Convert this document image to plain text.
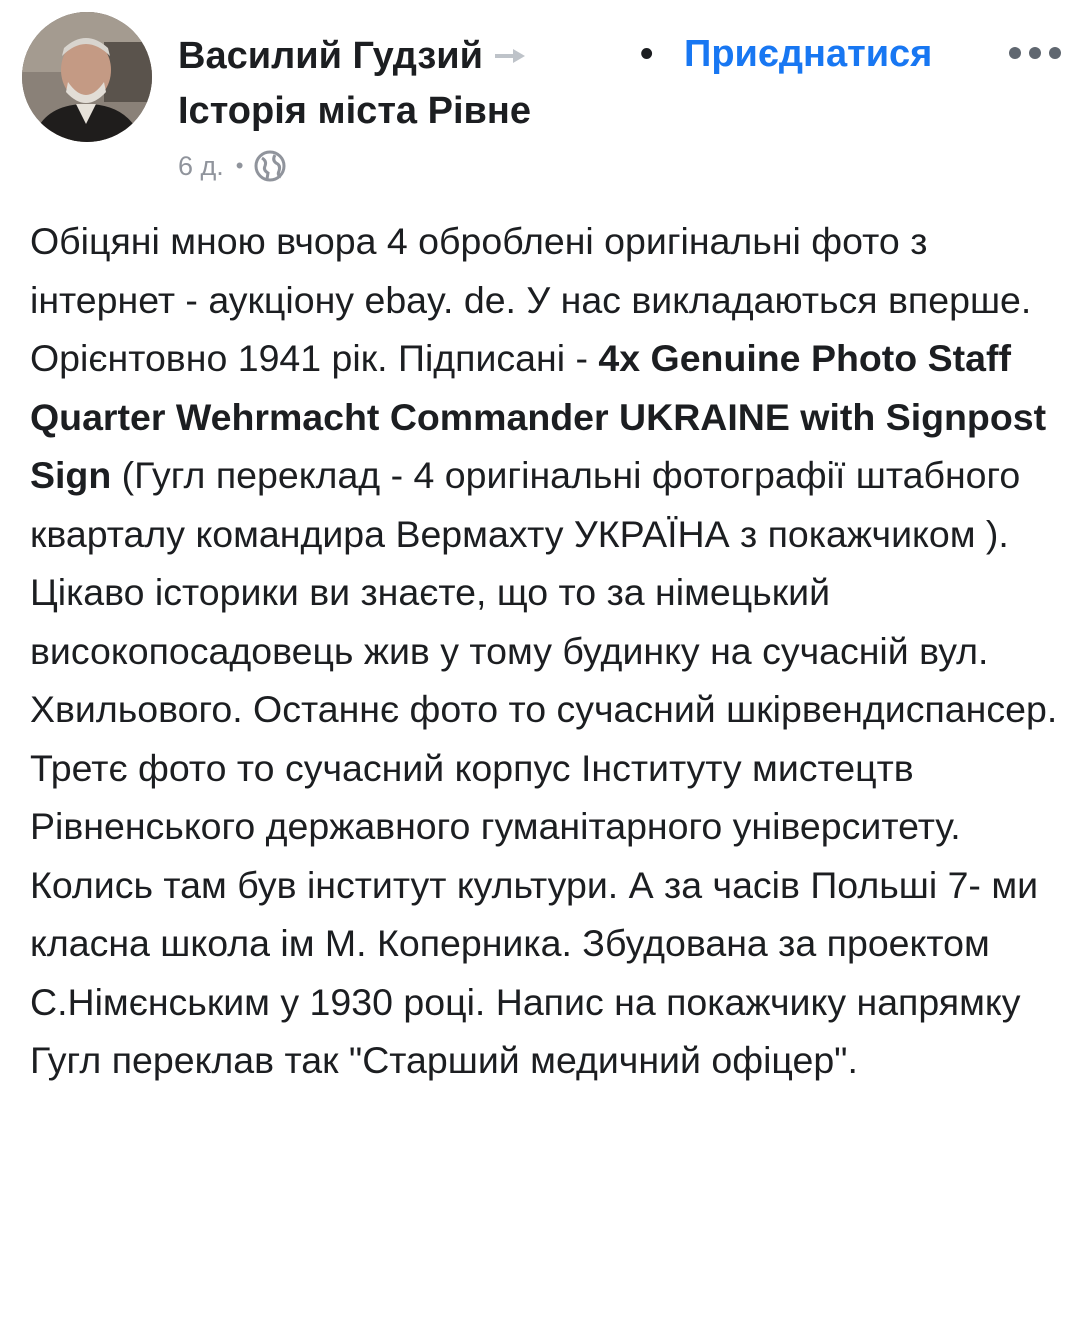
Василий Гудзий	• Приєднатися
Історія міста Рівне
6 д. •

Обіцяні мною вчора 4 оброблені оригінальні фото з інтернет - аукціону ebay. de. У нас викладаються вперше. Орієнтовно 1941 рік. Підписані - 4x Genuine Photo Staff Quarter Wehrmacht Commander UKRAINE with Signpost Sign (Гугл переклад - 4 оригінальні фотографії штабного кварталу командира Вермахту УКРАЇНА з покажчиком ). Цікаво історики ви знаєте, що то за німецький високопосадовець жив у тому будинку на сучасній вул. Хвильового. Останнє фото то сучасний шкірвендиспансер. Третє фото то сучасний корпус Інституту мистецтв Рівненського державного гуманітарного університету. Колись там був інститут культури. А за часів Польші 7- ми класна школа ім М. Коперника. Збудована за проектом С.Німєнським у 1930 році. Напис на покажчику напрямку Гугл переклав так "Старший медичний офіцер".
